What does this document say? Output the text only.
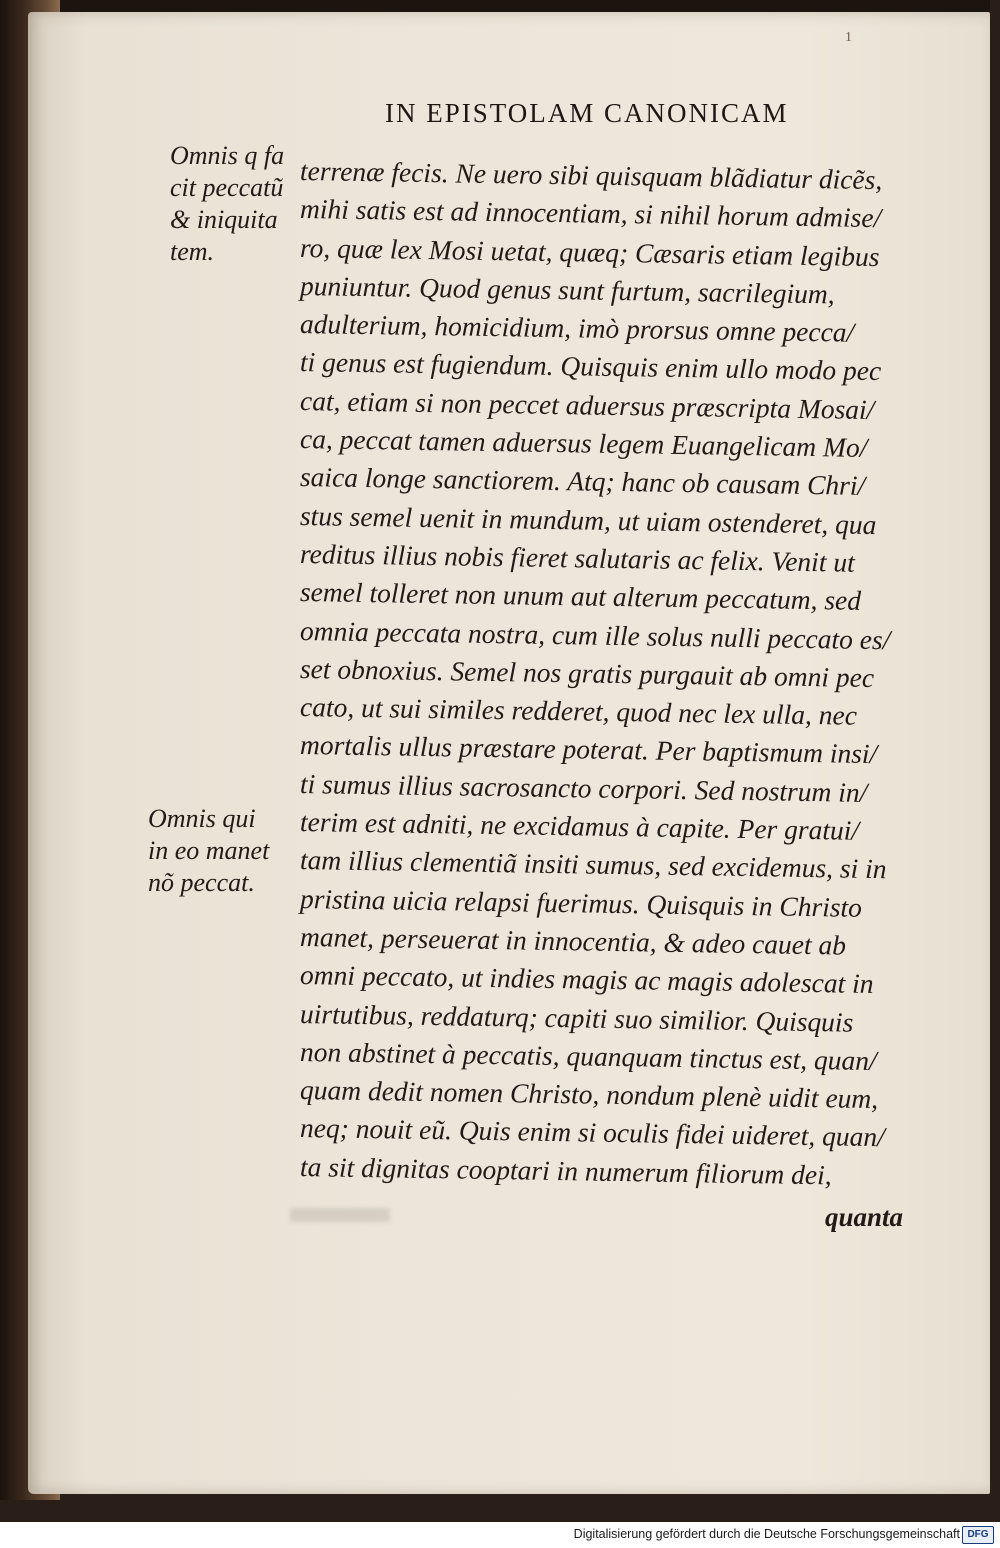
1
IN EPISTOLAM CANONICAM
Omnis q fa
cit peccatũ
& iniquita
tem.
Omnis qui
in eo manet
nõ peccat.
terrenæ fecis. Ne uero sibi quisquam blãdiatur dicẽs,
mihi satis est ad innocentiam, si nihil horum admise/
ro, quæ lex Mosi uetat, quæq; Cæsaris etiam legibus
puniuntur. Quod genus sunt furtum, sacrilegium,
adulterium, homicidium, imò prorsus omne pecca/
ti genus est fugiendum. Quisquis enim ullo modo pec
cat, etiam si non peccet aduersus præscripta Mosai/
ca, peccat tamen aduersus legem Euangelicam Mo/
saica longe sanctiorem. Atq; hanc ob causam Chri/
stus semel uenit in mundum, ut uiam ostenderet, qua
reditus illius nobis fieret salutaris ac felix. Venit ut
semel tolleret non unum aut alterum peccatum, sed
omnia peccata nostra, cum ille solus nulli peccato es/
set obnoxius. Semel nos gratis purgauit ab omni pec
cato, ut sui similes redderet, quod nec lex ulla, nec
mortalis ullus præstare poterat. Per baptismum insi/
ti sumus illius sacrosancto corpori. Sed nostrum in/
terim est adniti, ne excidamus à capite. Per gratui/
tam illius clementiã insiti sumus, sed excidemus, si in
pristina uicia relapsi fuerimus. Quisquis in Christo
manet, perseuerat in innocentia, & adeo cauet ab
omni peccato, ut indies magis ac magis adolescat in
uirtutibus, reddaturq; capiti suo similior. Quisquis
non abstinet à peccatis, quanquam tinctus est, quan/
quam dedit nomen Christo, nondum plenè uidit eum,
neq; nouit eũ. Quis enim si oculis fidei uideret, quan/
ta sit dignitas cooptari in numerum filiorum dei,
quanta
Digitalisierung gefördert durch die Deutsche Forschungsgemeinschaft DFG
